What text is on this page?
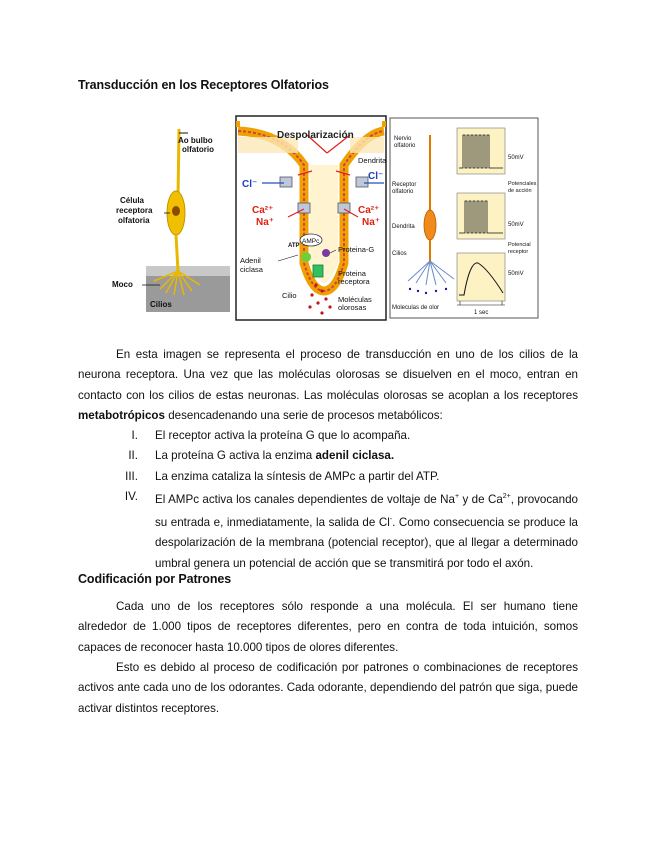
Transducción en los Receptores Olfatorios
Ao bulbo
olfatorio
Célula
receptora
olfatoria
Moco
Cilios
Despolarización
Dendrita
Cl⁻
Cl⁻
Ca²⁺
Na⁺
Ca²⁺
Na⁺
AMPc
ATP	Proteina-G
Adenil
ciclasa	Proteina
receptora
Cilio	Moléculas
olorosas
Nervio
olfatorio
Receptor
olfatorio
Dendrita
Cilios
Moleculas de olor
1 sec
50mV
50mV
50mV
Potenciales
de acción
Potencial
receptor
En esta imagen se representa el proceso de transducción en uno de los cilios de la neurona receptora. Una vez que las moléculas olorosas se disuelven en el moco, entran en contacto con los cilios de estas neuronas. Las moléculas olorosas se acoplan a los receptores metabotrópicos desencadenando una serie de procesos metabólicos:
I. El receptor activa la proteína G que lo acompaña.
II. La proteína G activa la enzima adenil ciclasa.
III. La enzima cataliza la síntesis de AMPc a partir del ATP.
IV. El AMPc activa los canales dependientes de voltaje de Na+ y de $Ca^{2+}$, provocando su entrada e, inmediatamente, la salida de Cl-. Como consecuencia se produce la despolarización de la membrana (potencial receptor), que al llegar a determinado umbral genera un potencial de acción que se transmitirá por todo el axón.
Codificación por Patrones
Cada uno de los receptores sólo responde a una molécula. El ser humano tiene alrededor de 1.000 tipos de receptores diferentes, pero en contra de toda intuición, somos capaces de reconocer hasta 10.000 tipos de olores diferentes.
Esto es debido al proceso de codificación por patrones o combinaciones de receptores activos ante cada uno de los odorantes. Cada odorante, dependiendo del patrón que siga, puede activar distintos receptores.
